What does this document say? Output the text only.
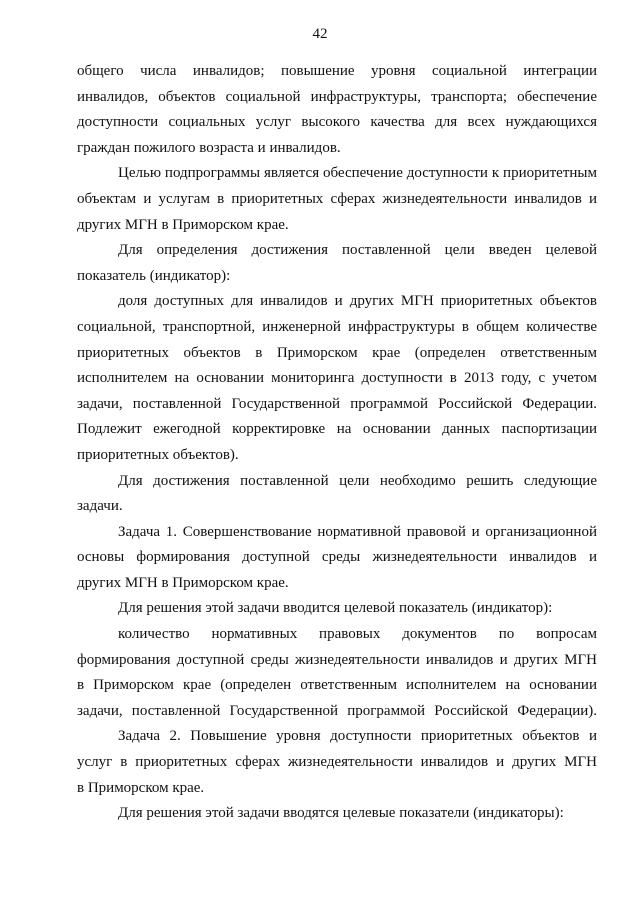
42
общего числа инвалидов; повышение уровня социальной интеграции
инвалидов, объектов социальной инфраструктуры, транспорта; обеспечение
доступности социальных услуг высокого качества для всех нуждающихся
граждан пожилого возраста и инвалидов.
Целью подпрограммы является обеспечение доступности к приоритетным
объектам и услугам в приоритетных сферах жизнедеятельности инвалидов и
других МГН в Приморском крае.
Для определения достижения поставленной цели введен целевой
показатель (индикатор):
доля доступных для инвалидов и других МГН приоритетных объектов
социальной, транспортной, инженерной инфраструктуры в общем количестве
приоритетных объектов в Приморском крае (определен ответственным
исполнителем на основании мониторинга доступности в 2013 году, с учетом
задачи, поставленной Государственной программой Российской Федерации.
Подлежит ежегодной корректировке на основании данных паспортизации
приоритетных объектов).
Для достижения поставленной цели необходимо решить следующие
задачи.
Задача 1. Совершенствование нормативной правовой и организационной
основы формирования доступной среды жизнедеятельности инвалидов и
других МГН в Приморском крае.
Для решения этой задачи вводится целевой показатель (индикатор):
количество нормативных правовых документов по вопросам
формирования доступной среды жизнедеятельности инвалидов и других МГН
в Приморском крае (определен ответственным исполнителем на основании
задачи, поставленной Государственной программой Российской Федерации).
Задача 2. Повышение уровня доступности приоритетных объектов и
услуг в приоритетных сферах жизнедеятельности инвалидов и других МГН
в Приморском крае.
Для решения этой задачи вводятся целевые показатели (индикаторы):
